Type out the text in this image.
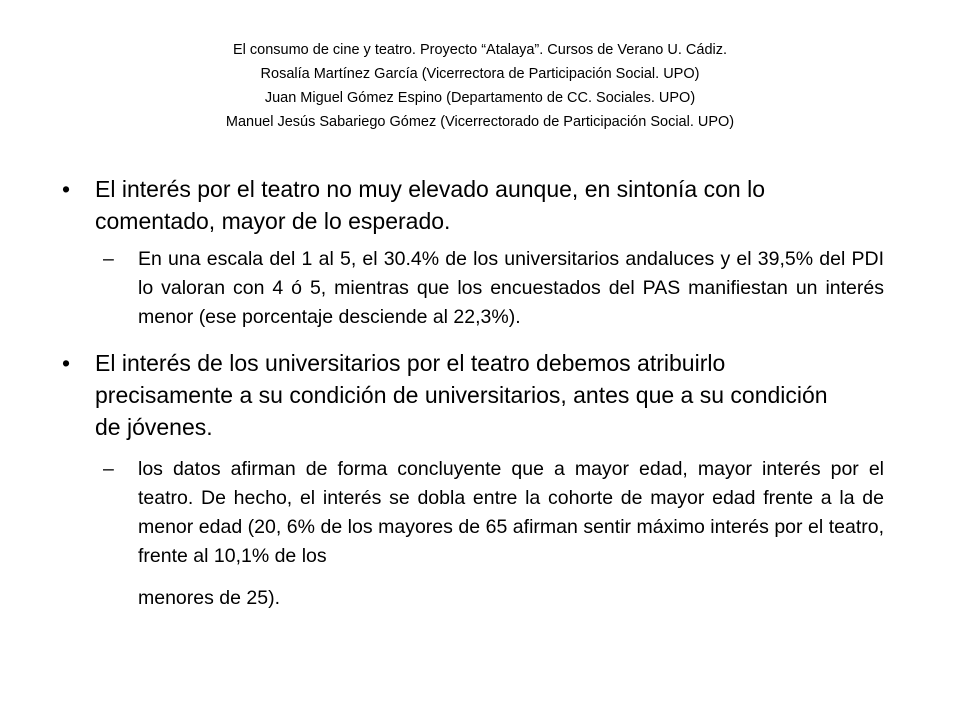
El consumo de cine y teatro. Proyecto “Atalaya”. Cursos de Verano U. Cádiz.
Rosalía Martínez García (Vicerrectora de Participación Social. UPO)
Juan Miguel Gómez Espino (Departamento de CC. Sociales. UPO)
Manuel Jesús Sabariego Gómez (Vicerrectorado de Participación Social. UPO)
•	El interés por el teatro no muy elevado aunque, en sintonía con lo comentado, mayor de lo esperado.
–	En una escala del 1 al 5, el 30.4% de los universitarios andaluces y el 39,5% del PDI lo valoran con 4 ó 5, mientras que los encuestados del PAS manifiestan un interés menor (ese porcentaje desciende al 22,3%).
•	El interés de los universitarios por el teatro debemos atribuirlo precisamente a su condición de universitarios, antes que a su condición de jóvenes.
–	los datos afirman de forma concluyente que a mayor edad, mayor interés por el teatro. De hecho, el interés se dobla entre la cohorte de mayor edad frente a la de menor edad (20, 6% de los mayores de 65 afirman sentir máximo interés por el teatro, frente al 10,1% de los
menores de 25).
